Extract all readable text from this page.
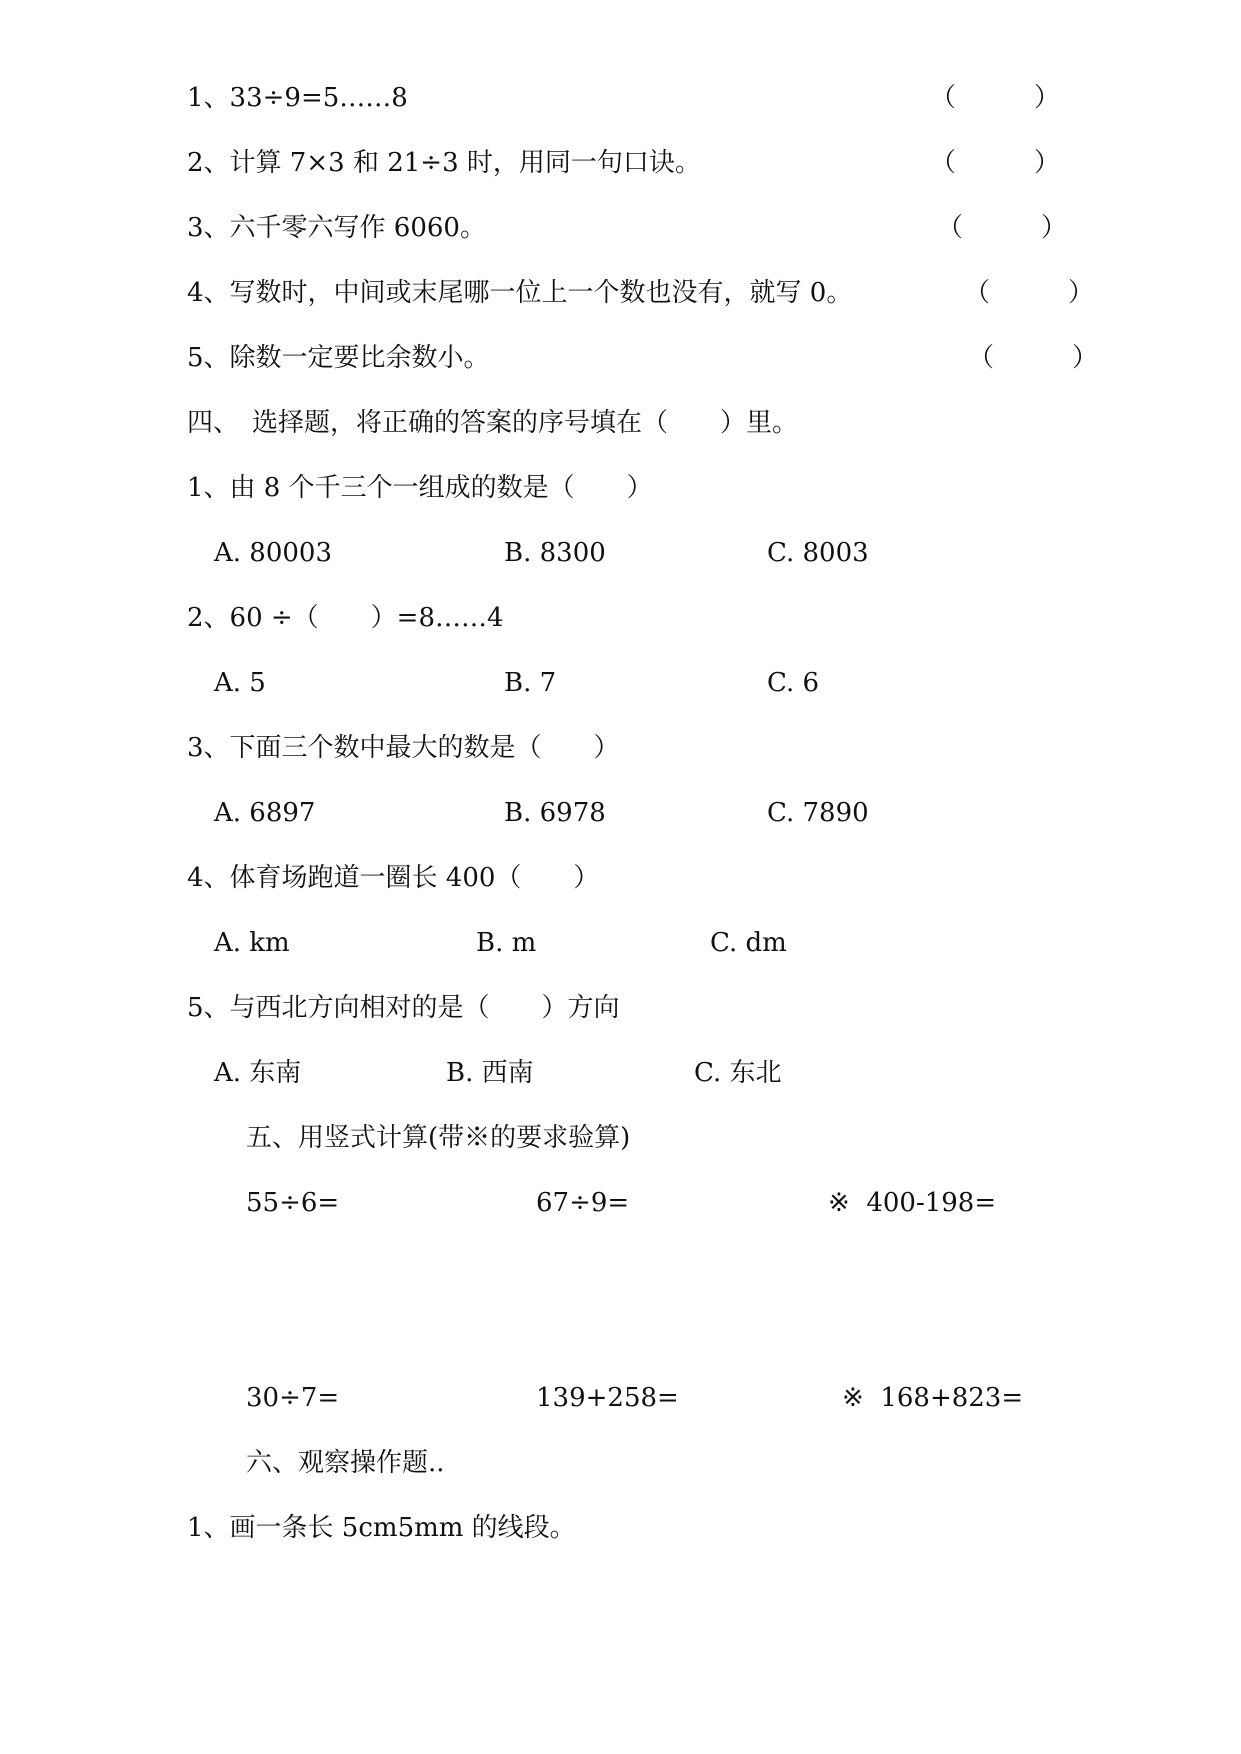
1、33÷9=5……8	（　　　）
2、计算 7×3 和 21÷3 时，用同一句口诀。	（　　　）
3、六千零六写作 6060。	（　　　）
4、写数时，中间或末尾哪一位上一个数也没有，就写 0。	（　　　）
5、除数一定要比余数小。	（　　　）
四、　选择题，将正确的答案的序号填在（　　）里。
1、由 8 个千三个一组成的数是（　　）
A. 80003	B. 8300	C. 8003
2、60 ÷（　　）=8……4
A. 5	B. 7	C. 6
3、下面三个数中最大的数是（　　）
A. 6897	B. 6978	C. 7890
4、体育场跑道一圈长 400（　　）
A. km	B. m	C. dm
5、与西北方向相对的是（　　）方向
A. 东南	B. 西南	C. 东北
五、用竖式计算(带※的要求验算)
55÷6=	67÷9=	※  400-198=
30÷7=	139+258=	※  168+823=
六、观察操作题..
1、画一条长 5cm5mm 的线段。
